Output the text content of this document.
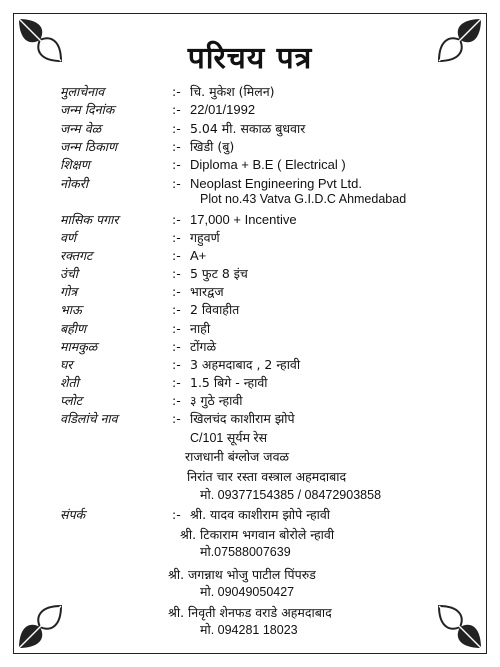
परिचय पत्र
मुलाचेनाव	:- चि. मुकेश (मिलन)
जन्म दिनांक	:- 22/01/1992
जन्म वेळ	:- 5.04 मी. सकाळ बुधवार
जन्म ठिकाण	:- खिडी (बु)
शिक्षण	:- Diploma + B.E ( Electrical )
नोकरी	:- Neoplast Engineering Pvt Ltd.
Plot no.43 Vatva G.I.D.C Ahmedabad
मासिक पगार	:- 17,000 + Incentive
वर्ण	:- गहुवर्ण
रक्तगट	:- A+
उंची	:- 5 फुट 8 इंच
गोत्र	:- भारद्वज
भाऊ	:- 2 विवाहीत
बहीण	:- नाही
मामकुळ	:- टोंगळे
घर	:- 3 अहमदाबाद , 2 न्हावी
शेती	:- 1.5 बिगे - न्हावी
प्लोट	:- ३ गुठे न्हावी
वडिलांचे नाव	:- खिलचंद काशीराम झोपे
C/101 सूर्यम रेस
राजधानी बंग्लोज जवळ
निरांत चार रस्ता वस्त्राल अहमदाबाद
मो. 09377154385 / 08472903858
संपर्क	:- श्री. यादव काशीराम झोपे न्हावी
श्री. टिकाराम भगवान बोरोले न्हावी
मो.07588007639
श्री. जगन्नाथ भोजु पाटील पिंपरुड
मो. 09049050427
श्री. निवृती शेनफड वराडे अहमदाबाद
मो. 094281 18023
